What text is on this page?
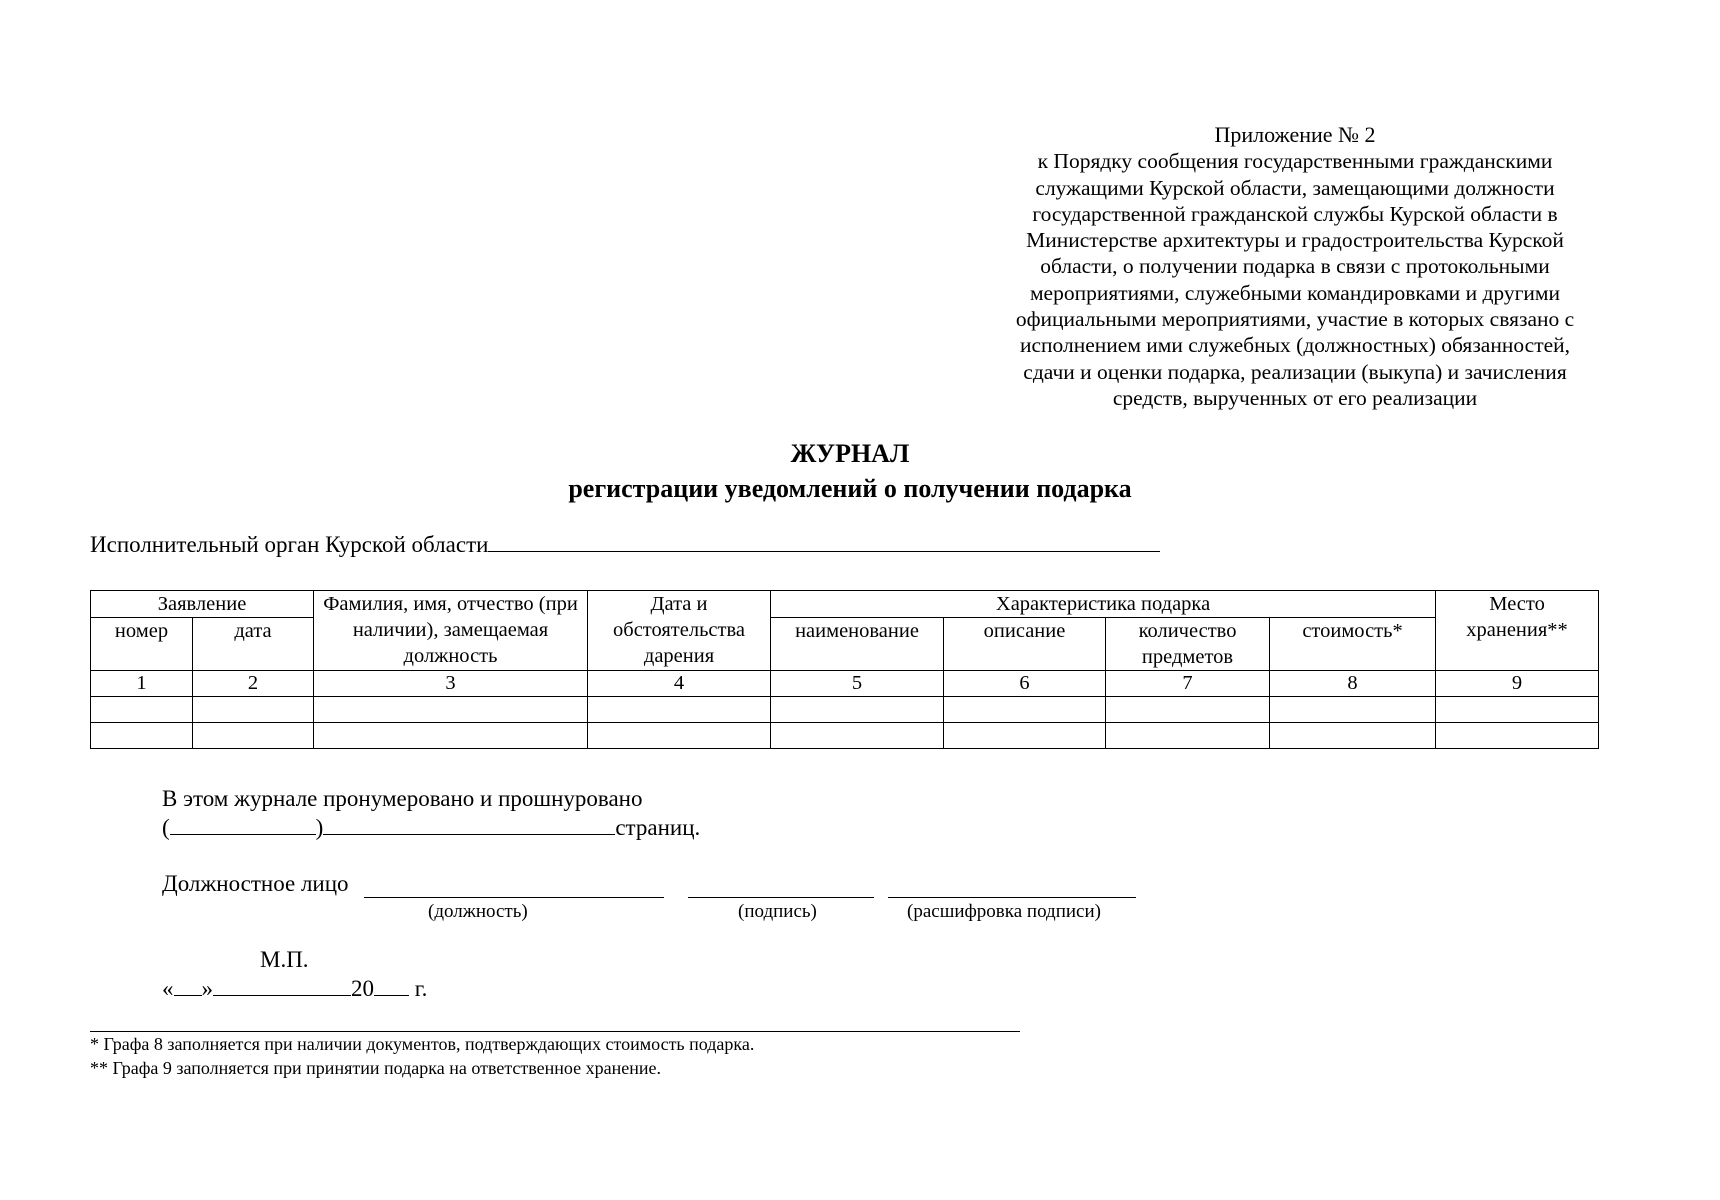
Приложение № 2
к Порядку сообщения государственными гражданскими
служащими Курской области, замещающими должности
государственной гражданской службы Курской области в
Министерстве архитектуры и градостроительства Курской
области, о получении подарка в связи с протокольными
мероприятиями, служебными командировками и другими
официальными мероприятиями, участие в которых связано с
исполнением ими служебных (должностных) обязанностей,
сдачи и оценки подарка, реализации (выкупа) и зачисления
средств, вырученных от его реализации
ЖУРНАЛ
регистрации уведомлений о получении подарка
Исполнительный орган Курской области
Заявление		Фамилия, имя, отчество (при наличии), замещаемая должность	Дата и обстоятельства дарения	Характеристика подарка				Место хранения**
номер	дата			наименование	описание	количество предметов	стоимость*	
1	2	3	4	5	6	7	8	9

В этом журнале пронумеровано и прошнуровано
(	)	страниц.
Должностное лицо
(должность)	(подпись)	(расшифровка подписи)
М.П.
« »	20 г.
* Графа 8 заполняется при наличии документов, подтверждающих стоимость подарка.
** Графа 9 заполняется при принятии подарка на ответственное хранение.
